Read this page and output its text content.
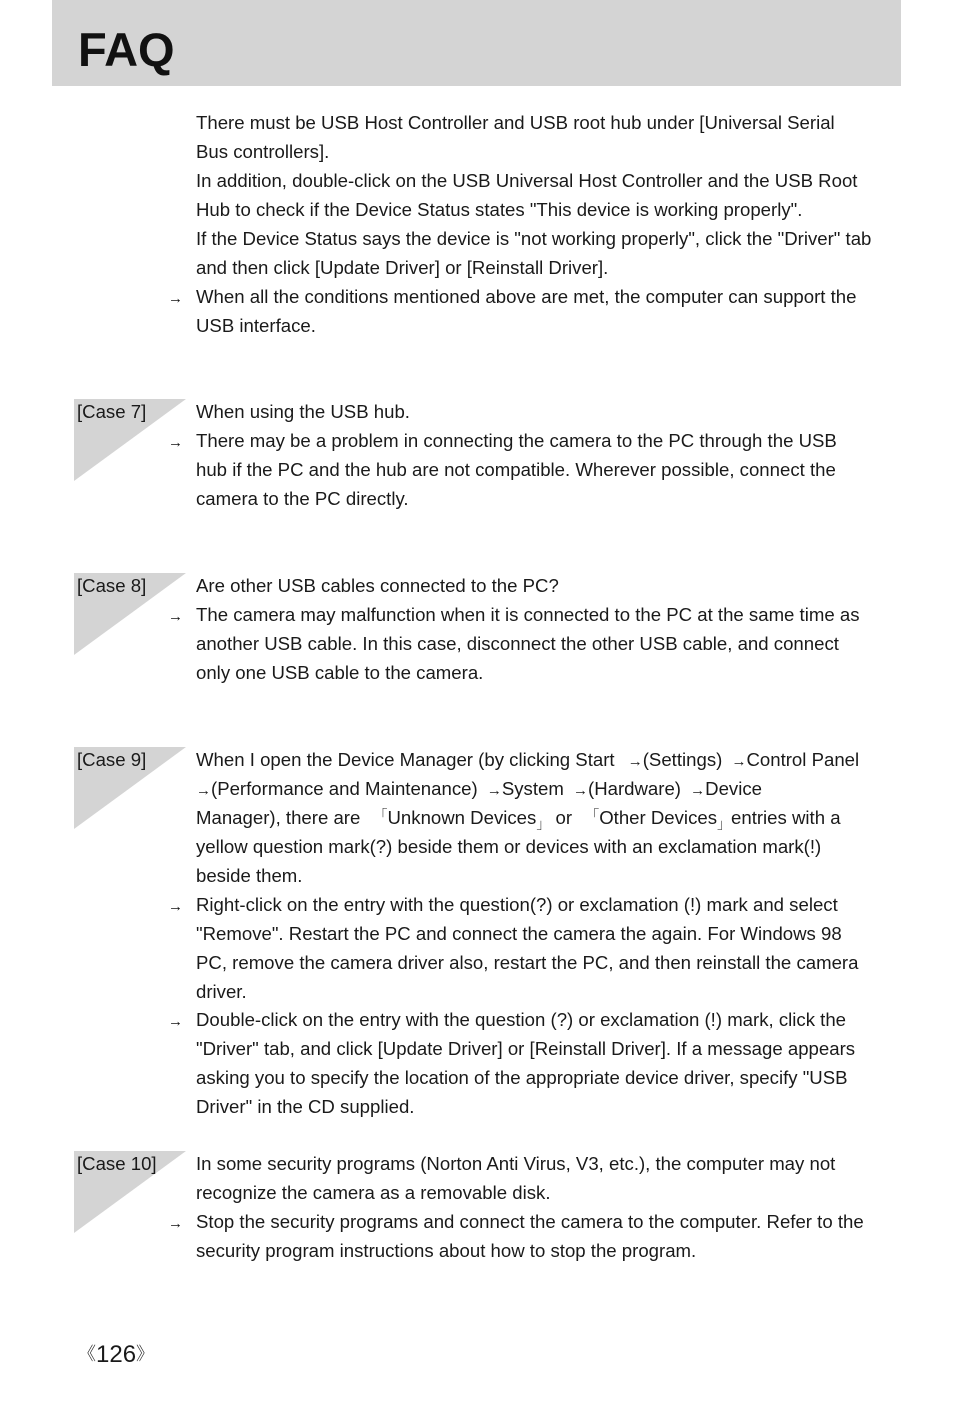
FAQ
There must be USB Host Controller and USB root hub under [Universal Serial
Bus controllers].
In addition, double-click on the USB Universal Host Controller and the USB Root
Hub to check if the Device Status states "This device is working properly".
If the Device Status says the device is "not working properly", click the "Driver" tab
and then click [Update Driver] or [Reinstall Driver].
→ When all the conditions mentioned above are met, the computer can support the
USB interface.
[Case 7]	When using the USB hub.
→ There may be a problem in connecting the camera to the PC through the USB
hub if the PC and the hub are not compatible. Wherever possible, connect the
camera to the PC directly.
[Case 8]	Are other USB cables connected to the PC?
→ The camera may malfunction when it is connected to the PC at the same time as
another USB cable. In this case, disconnect the other USB cable, and connect
only one USB cable to the camera.
[Case 9]	When I open the Device Manager (by clicking Start →(Settings) →Control Panel
→(Performance and Maintenance) →System →(Hardware) →Device
Manager), there are 「Unknown Devices」 or 「Other Devices」entries with a
yellow question mark(?) beside them or devices with an exclamation mark(!)
beside them.
→ Right-click on the entry with the question(?) or exclamation (!) mark and select
"Remove". Restart the PC and connect the camera the again. For Windows 98
PC, remove the camera driver also, restart the PC, and then reinstall the camera
driver.
→ Double-click on the entry with the question (?) or exclamation (!) mark, click the
"Driver" tab, and click [Update Driver] or [Reinstall Driver]. If a message appears
asking you to specify the location of the appropriate device driver, specify "USB
Driver" in the CD supplied.
[Case 10] In some security programs (Norton Anti Virus, V3, etc.), the computer may not
recognize the camera as a removable disk.
→ Stop the security programs and connect the camera to the computer. Refer to the
security program instructions about how to stop the program.
《126》
